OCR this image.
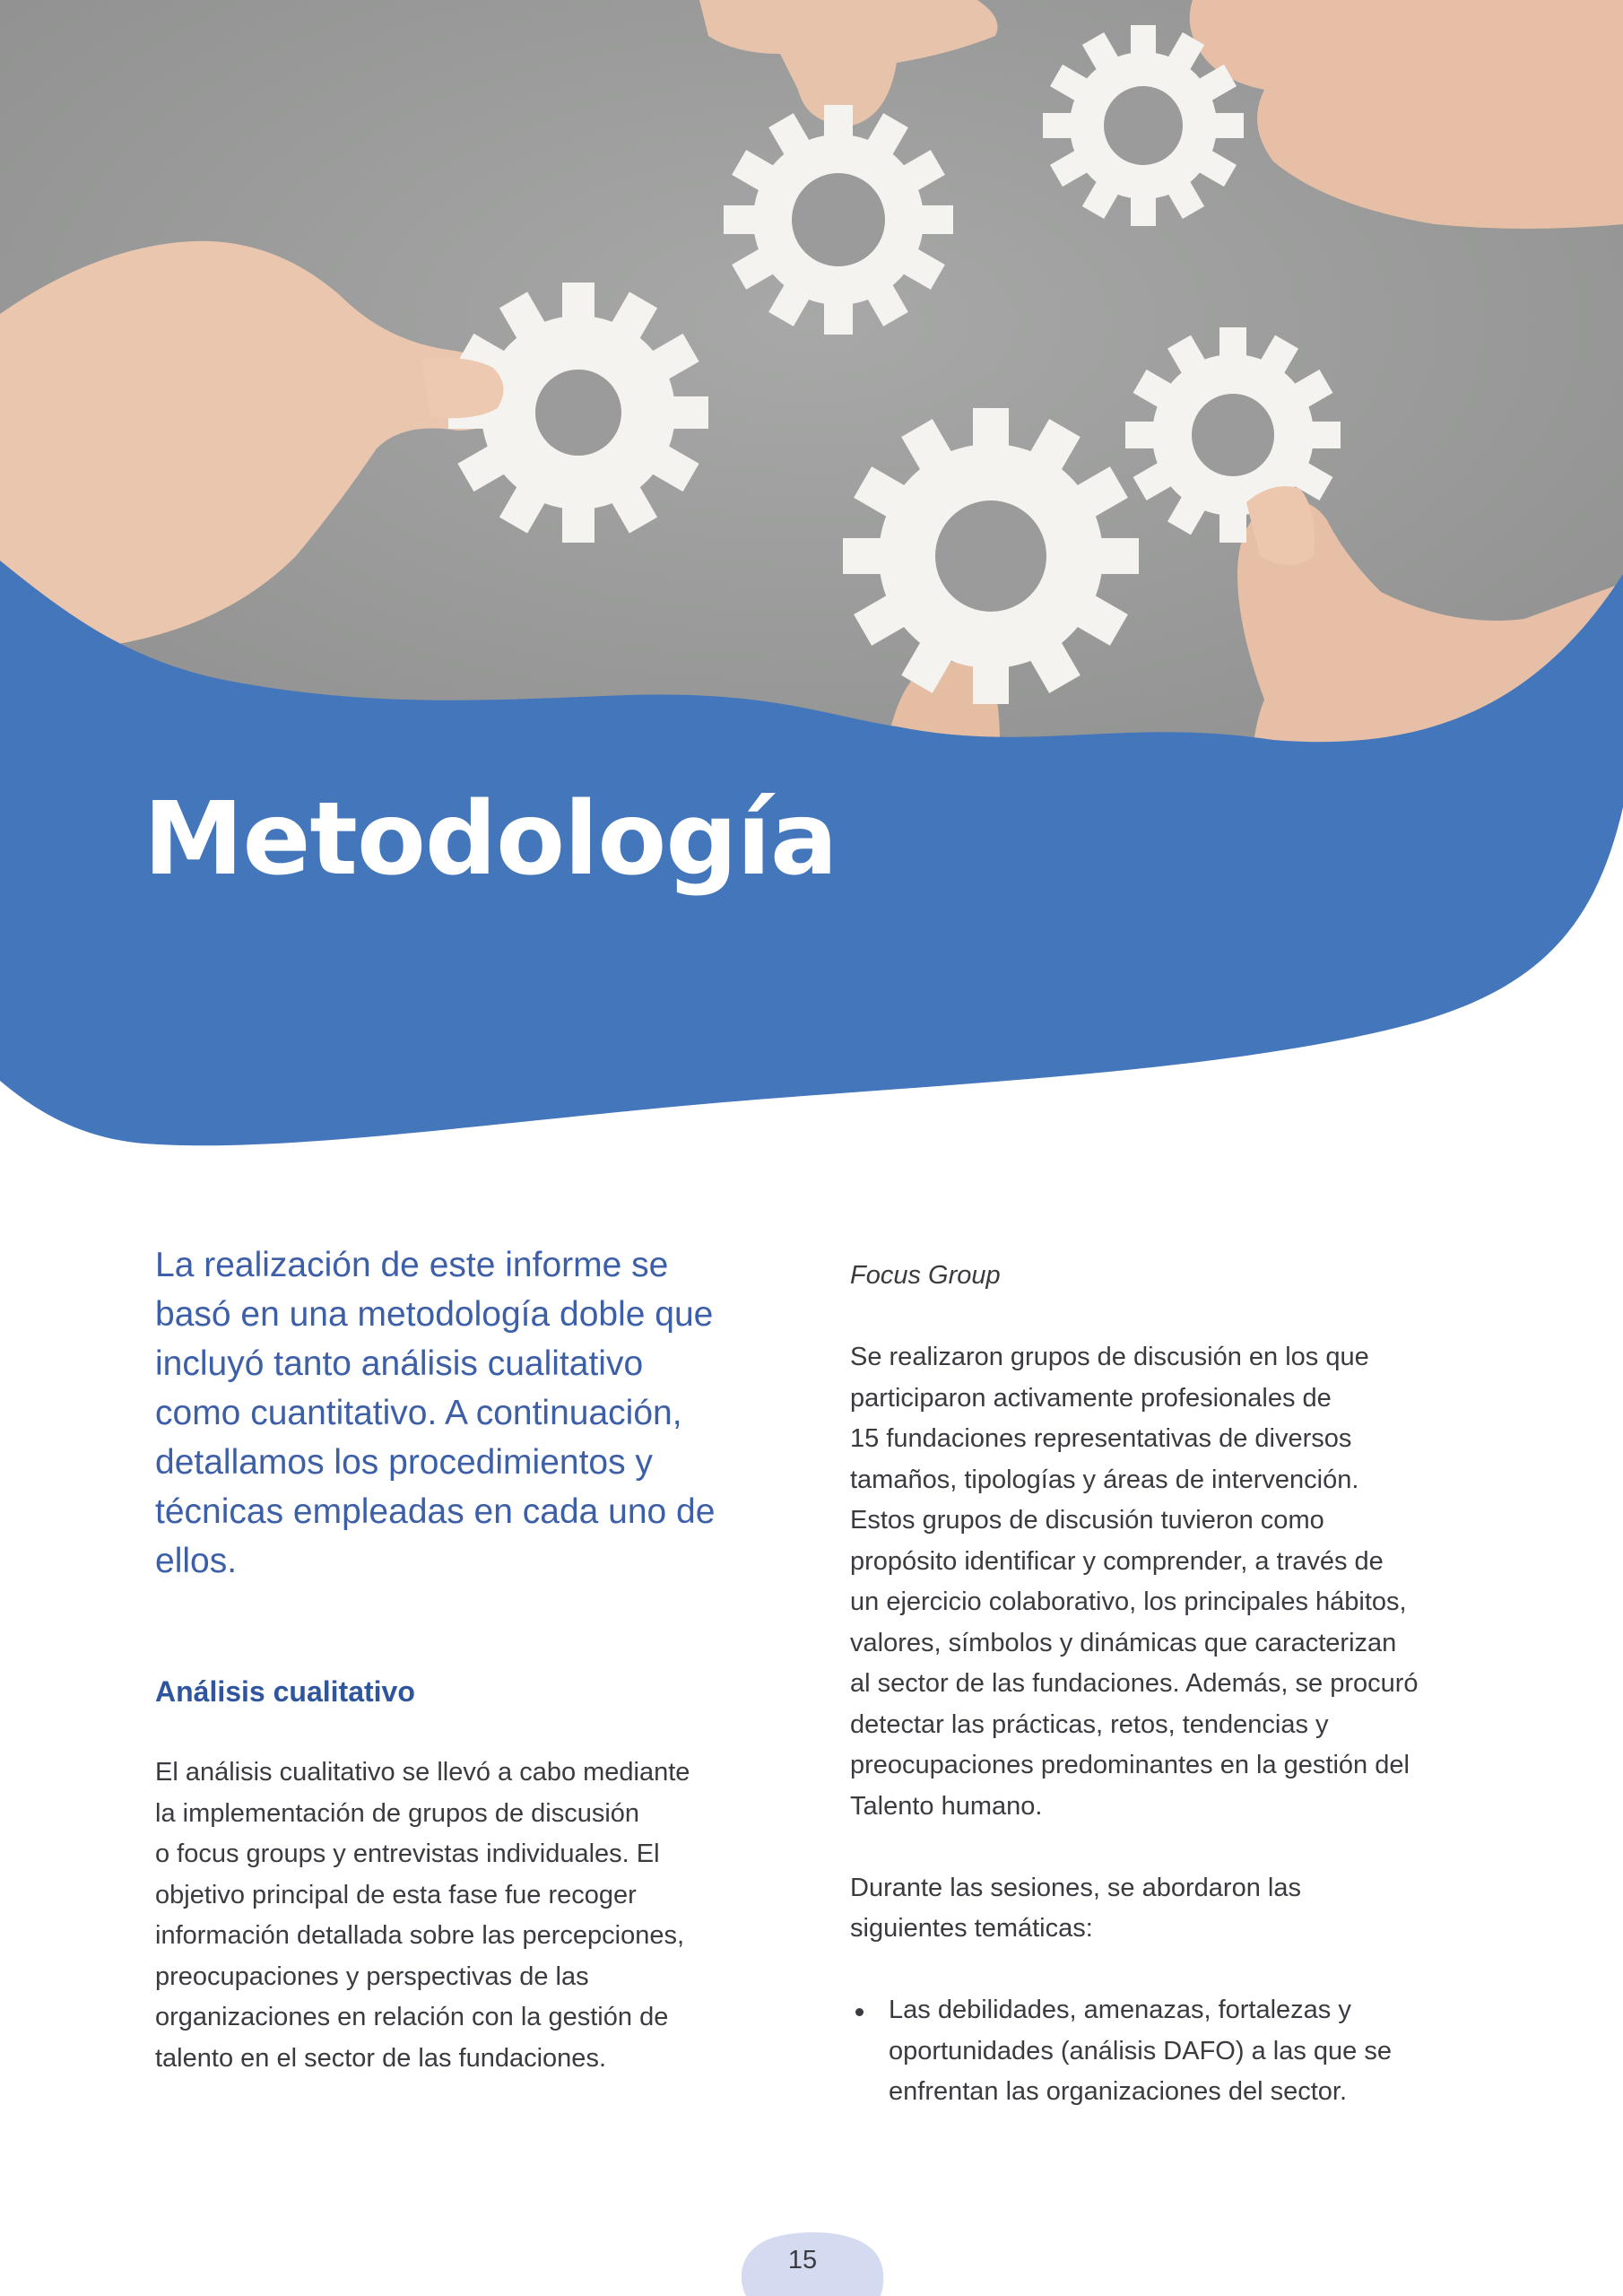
Metodología

La realización de este informe se
basó en una metodología doble que
incluyó tanto análisis cualitativo
como cuantitativo. A continuación,
detallamos los procedimientos y
técnicas empleadas en cada uno de
ellos.

Análisis cualitativo

El análisis cualitativo se llevó a cabo mediante
la implementación de grupos de discusión
o focus groups y entrevistas individuales. El
objetivo principal de esta fase fue recoger
información detallada sobre las percepciones,
preocupaciones y perspectivas de las
organizaciones en relación con la gestión de
talento en el sector de las fundaciones.

Focus Group

Se realizaron grupos de discusión en los que
participaron activamente profesionales de
15 fundaciones representativas de diversos
tamaños, tipologías y áreas de intervención.
Estos grupos de discusión tuvieron como
propósito identificar y comprender, a través de
un ejercicio colaborativo, los principales hábitos,
valores, símbolos y dinámicas que caracterizan
al sector de las fundaciones. Además, se procuró
detectar las prácticas, retos, tendencias y
preocupaciones predominantes en la gestión del
Talento humano.

Durante las sesiones, se abordaron las
siguientes temáticas:

Las debilidades, amenazas, fortalezas y
oportunidades (análisis DAFO) a las que se
enfrentan las organizaciones del sector.
15
